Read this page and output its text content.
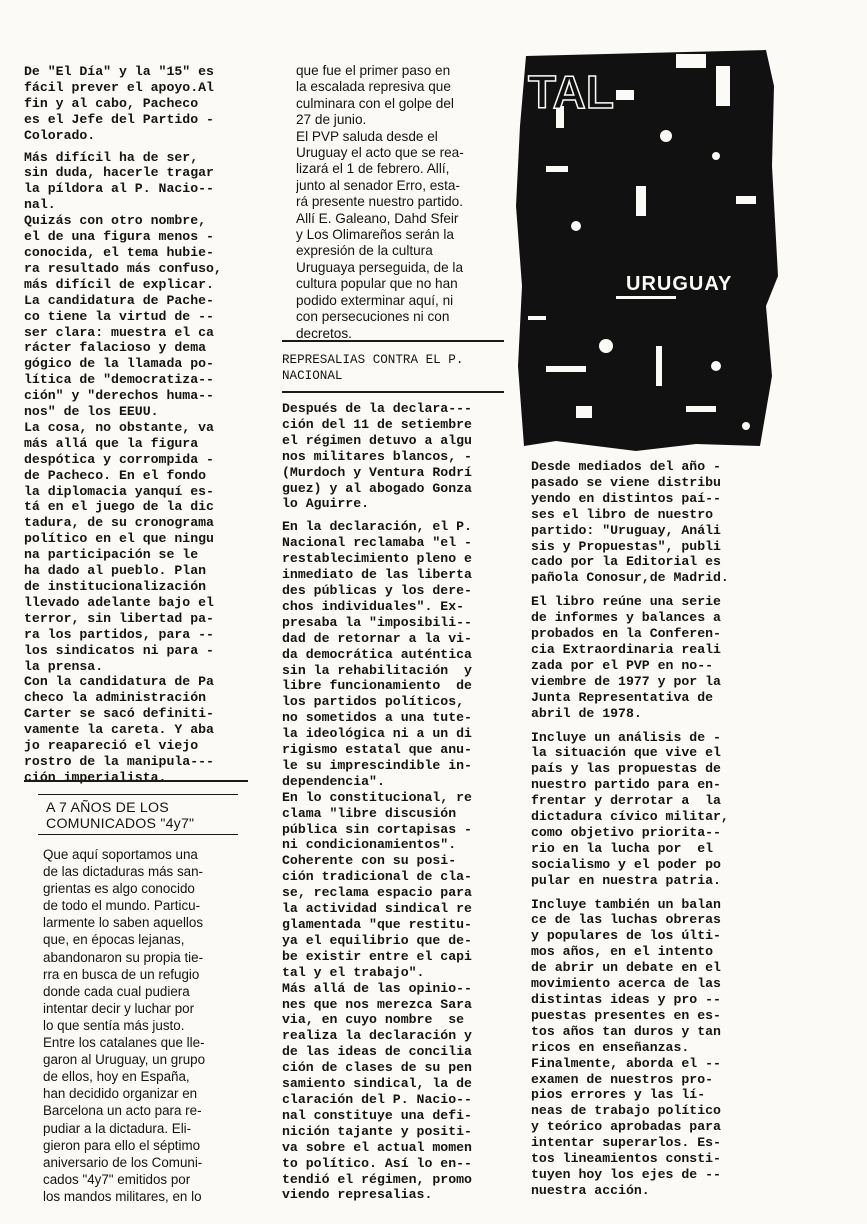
De "El Día" y la "15" es
fácil prever el apoyo.Al
fin y al cabo, Pacheco
es el Jefe del Partido -
Colorado.
Más difícil ha de ser,
sin duda, hacerle tragar
la píldora al P. Nacio--
nal.
Quizás con otro nombre,
el de una figura menos -
conocida, el tema hubie-
ra resultado más confuso,
más difícil de explicar.
La candidatura de Pache-
co tiene la virtud de --
ser clara: muestra el ca
rácter falacioso y dema
gógico de la llamada po-
lítica de "democratiza--
ción" y "derechos huma--
nos" de los EEUU.
La cosa, no obstante, va
más allá que la figura
despótica y corrompida -
de Pacheco. En el fondo
la diplomacia yanquí es-
tá en el juego de la dic
tadura, de su cronograma
político en el que ningu
na participación se le
ha dado al pueblo. Plan
de institucionalización
llevado adelante bajo el
terror, sin libertad pa-
ra los partidos, para --
los sindicatos ni para -
la prensa.
Con la candidatura de Pa
checo la administración
Carter se sacó definiti-
vamente la careta. Y aba
jo reapareció el viejo
rostro de la manipula---
ción imperialista.
A 7 AÑOS DE LOS
COMUNICADOS "4y7"
Que aquí soportamos una
de las dictaduras más san-
grientas es algo conocido
de todo el mundo. Particu-
larmente lo saben aquellos
que, en épocas lejanas,
abandonaron su propia tie-
rra en busca de un refugio
donde cada cual pudiera
intentar decir y luchar por
lo que sentía más justo.
Entre los catalanes que lle-
garon al Uruguay, un grupo
de ellos, hoy en España,
han decidido organizar en
Barcelona un acto para re-
pudiar a la dictadura. Eli-
gieron para ello el séptimo
aniversario de los Comuni-
cados "4y7" emitidos por
los mandos militares, en lo
que fue el primer paso en
la escalada represiva que
culminara con el golpe del
27 de junio.
El PVP saluda desde el
Uruguay el acto que se rea-
lizará el 1 de febrero. Allí,
junto al senador Erro, esta-
rá presente nuestro partido.
Allí E. Galeano, Dahd Sfeir
y Los Olimareños serán la
expresión de la cultura
Uruguaya perseguida, de la
cultura popular que no han
podido exterminar aquí, ni
con persecuciones ni con
decretos.
REPRESALIAS CONTRA EL P.
NACIONAL
Después de la declara---
ción del 11 de setiembre
el régimen detuvo a algu
nos militares blancos, -
(Murdoch y Ventura Rodrí
guez) y al abogado Gonza
lo Aguirre.
En la declaración, el P.
Nacional reclamaba "el -
restablecimiento pleno e
inmediato de las liberta
des públicas y los dere-
chos individuales". Ex-
presaba la "imposibili--
dad de retornar a la vi-
da democrática auténtica
sin la rehabilitación  y
libre funcionamiento  de
los partidos políticos,
no sometidos a una tute-
la ideológica ni a un di
rigismo estatal que anu-
le su imprescindible in-
dependencia".
En lo constitucional, re
clama "libre discusión
pública sin cortapisas -
ni condicionamientos".
Coherente con su posi-
ción tradicional de cla-
se, reclama espacio para
la actividad sindical re
glamentada "que restitu-
ya el equilibrio que de-
be existir entre el capi
tal y el trabajo".
Más allá de las opinio--
nes que nos merezca Sara
via, en cuyo nombre  se
realiza la declaración y
de las ideas de concilia
ción de clases de su pen
samiento sindical, la de
claración del P. Nacio--
nal constituye una defi-
nición tajante y positi-
va sobre el actual momen
to político. Así lo en--
tendió el régimen, promo
viendo represalias.
TAL
URUGUAY
Desde mediados del año -
pasado se viene distribu
yendo en distintos paí--
ses el libro de nuestro
partido: "Uruguay, Análi
sis y Propuestas", publi
cado por la Editorial es
pañola Conosur,de Madrid.
El libro reúne una serie
de informes y balances a
probados en la Conferen-
cia Extraordinaria reali
zada por el PVP en no--
viembre de 1977 y por la
Junta Representativa de
abril de 1978.
Incluye un análisis de -
la situación que vive el
país y las propuestas de
nuestro partido para en-
frentar y derrotar a  la
dictadura cívico militar,
como objetivo priorita--
rio en la lucha por  el
socialismo y el poder po
pular en nuestra patria.
Incluye también un balan
ce de las luchas obreras
y populares de los últi-
mos años, en el intento
de abrir un debate en el
movimiento acerca de las
distintas ideas y pro --
puestas presentes en es-
tos años tan duros y tan
ricos en enseñanzas.
Finalmente, aborda el --
examen de nuestros pro-
pios errores y las lí-
neas de trabajo político
y teórico aprobadas para
intentar superarlos. Es-
tos lineamientos consti-
tuyen hoy los ejes de --
nuestra acción.
